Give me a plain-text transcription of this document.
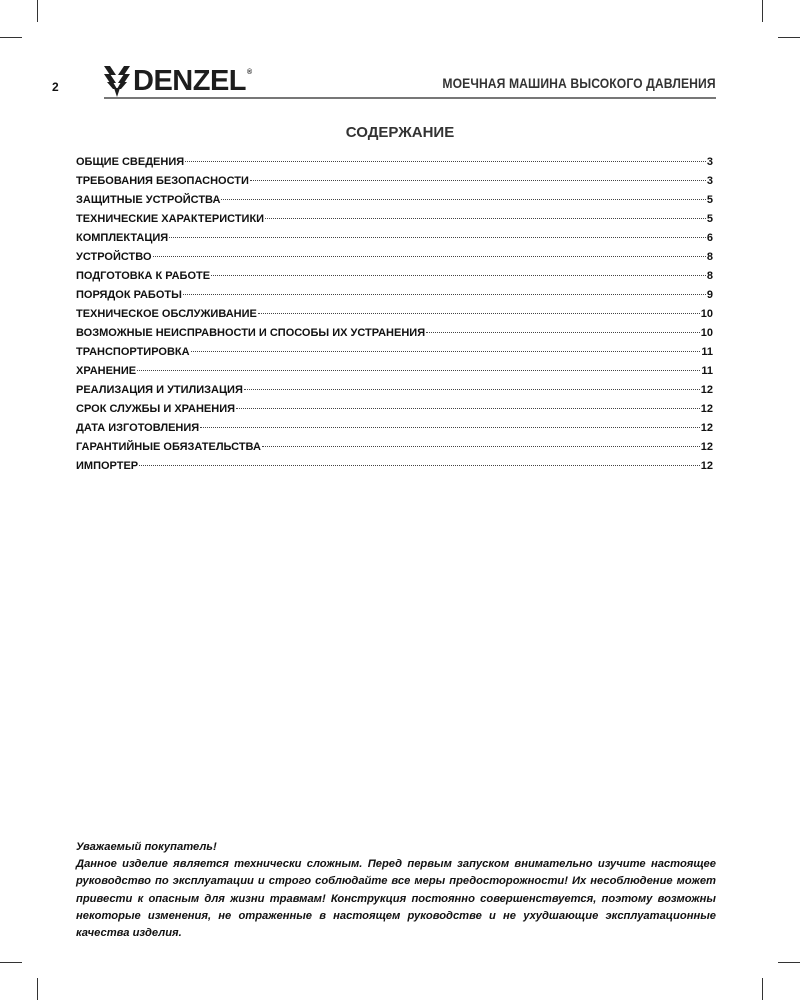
2	DENZEL®
МОЕЧНАЯ МАШИНА ВЫСОКОГО ДАВЛЕНИЯ
СОДЕРЖАНИЕ
ОБЩИЕ СВЕДЕНИЯ	3
ТРЕБОВАНИЯ БЕЗОПАСНОСТИ	3
ЗАЩИТНЫЕ УСТРОЙСТВА	5
ТЕХНИЧЕСКИЕ ХАРАКТЕРИСТИКИ	5
КОМПЛЕКТАЦИЯ	6
УСТРОЙСТВО	8
ПОДГОТОВКА К РАБОТЕ	8
ПОРЯДОК РАБОТЫ	9
ТЕХНИЧЕСКОЕ ОБСЛУЖИВАНИЕ	10
ВОЗМОЖНЫЕ НЕИСПРАВНОСТИ И СПОСОБЫ ИХ УСТРАНЕНИЯ	10
ТРАНСПОРТИРОВКА	11
ХРАНЕНИЕ	11
РЕАЛИЗАЦИЯ И УТИЛИЗАЦИЯ	12
СРОК СЛУЖБЫ И ХРАНЕНИЯ	12
ДАТА ИЗГОТОВЛЕНИЯ	12
ГАРАНТИЙНЫЕ ОБЯЗАТЕЛЬСТВА	12
ИМПОРТЕР	12

Уважаемый покупатель!

Данное изделие является технически сложным. Перед первым запуском внимательно изучите настоящее руководство по эксплуатации и строго соблюдайте все меры предосторожности! Их несоблюдение может привести к опасным для жизни травмам! Конструкция постоянно совершенствуется, поэтому возможны некоторые изменения, не отраженные в настоящем руководстве и не ухудшающие эксплуатационные качества изделия.
